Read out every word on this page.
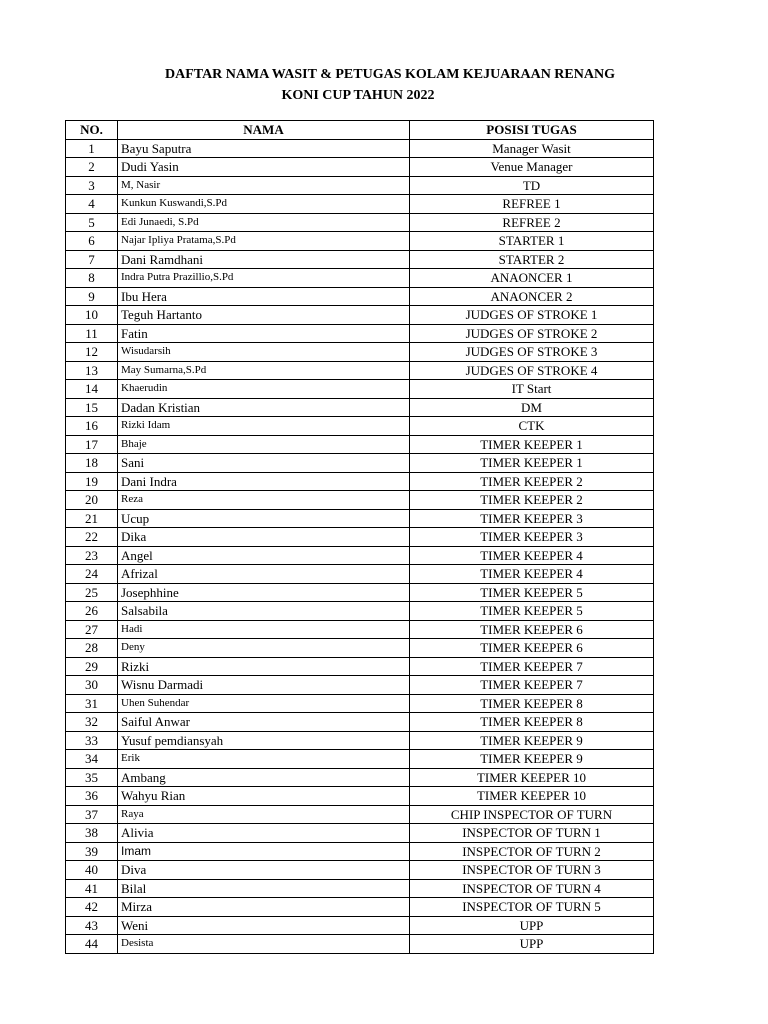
DAFTAR NAMA WASIT & PETUGAS KOLAM KEJUARAAN RENANG
KONI CUP TAHUN 2022
NO.	NAMA	POSISI TUGAS
1	Bayu Saputra	Manager Wasit
2	Dudi Yasin	Venue Manager
3	M, Nasir	TD
4	Kunkun Kuswandi,S.Pd	REFREE 1
5	Edi Junaedi, S.Pd	REFREE 2
6	Najar Ipliya Pratama,S.Pd	STARTER 1
7	Dani Ramdhani	STARTER 2
8	Indra Putra Prazillio,S.Pd	ANAONCER 1
9	Ibu Hera	ANAONCER 2
10	Teguh Hartanto	JUDGES OF STROKE 1
11	Fatin	JUDGES OF STROKE 2
12	Wisudarsih	JUDGES OF STROKE 3
13	May Sumarna,S.Pd	JUDGES OF STROKE 4
14	Khaerudin	IT Start
15	Dadan Kristian	DM
16	Rizki Idam	CTK
17	Bhaje	TIMER KEEPER 1
18	Sani	TIMER KEEPER 1
19	Dani Indra	TIMER KEEPER 2
20	Reza	TIMER KEEPER 2
21	Ucup	TIMER KEEPER 3
22	Dika	TIMER KEEPER 3
23	Angel	TIMER KEEPER 4
24	Afrizal	TIMER KEEPER 4
25	Josephhine	TIMER KEEPER 5
26	Salsabila	TIMER KEEPER 5
27	Hadi	TIMER KEEPER 6
28	Deny	TIMER KEEPER 6
29	Rizki	TIMER KEEPER 7
30	Wisnu Darmadi	TIMER KEEPER 7
31	Uhen Suhendar	TIMER KEEPER 8
32	Saiful Anwar	TIMER KEEPER 8
33	Yusuf pemdiansyah	TIMER KEEPER 9
34	Erik	TIMER KEEPER 9
35	Ambang	TIMER KEEPER 10
36	Wahyu Rian	TIMER KEEPER 10
37	Raya	CHIP INSPECTOR OF TURN
38	Alivia	INSPECTOR OF TURN 1
39	Imam	INSPECTOR OF TURN 2
40	Diva	INSPECTOR OF TURN 3
41	Bilal	INSPECTOR OF TURN 4
42	Mirza	INSPECTOR OF TURN 5
43	Weni	UPP
44	Desista	UPP
